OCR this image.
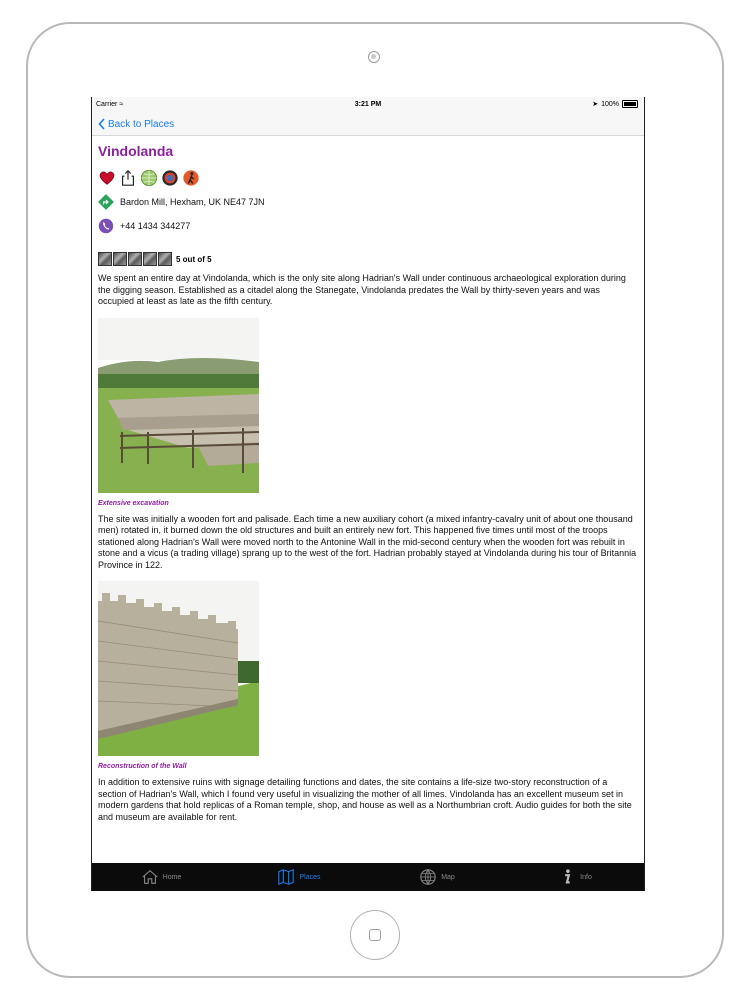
Carrier ≈	3:21 PM	➤ 100%
Back to Places
Vindolanda
Bardon Mill, Hexham, UK NE47 7JN
+44 1434 344277
5 out of 5

We spent an entire day at Vindolanda, which is the only site along Hadrian's Wall under continuous archaeological exploration during the digging season. Established as a citadel along the Stanegate, Vindolanda predates the Wall by thirty-seven years and was occupied at least as late as the fifth century.

Extensive excavation

The site was initially a wooden fort and palisade. Each time a new auxiliary cohort (a mixed infantry-cavalry unit of about one thousand men) rotated in, it burned down the old structures and built an entirely new fort. This happened five times until most of the troops stationed along Hadrian's Wall were moved north to the Antonine Wall in the mid-second century when the wooden fort was rebuilt in stone and a vicus (a trading village) sprang up to the west of the fort. Hadrian probably stayed at Vindolanda during his tour of Britannia Province in 122.

Reconstruction of the Wall

In addition to extensive ruins with signage detailing functions and dates, the site contains a life-size two-story reconstruction of a section of Hadrian's Wall, which I found very useful in visualizing the mother of all limes. Vindolanda has an excellent museum set in modern gardens that hold replicas of a Roman temple, shop, and house as well as a Northumbrian croft. Audio guides for both the site and museum are available for rent.

Home	Places	Map	Info
